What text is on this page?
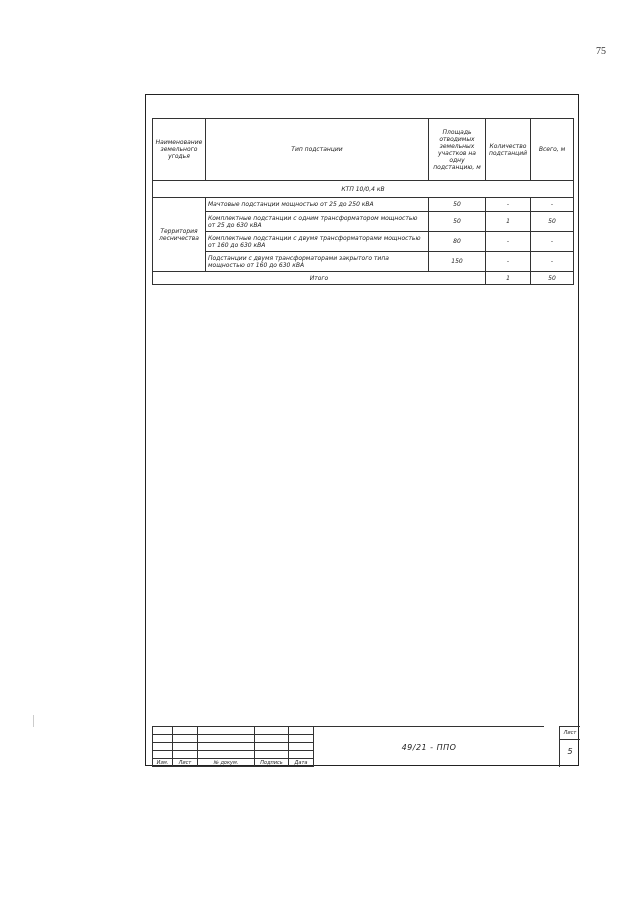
75
Наименование земельного угодья	Тип подстанции	Площадь отводимых земельных участков на одну подстанцию, м	Количество подстанций	Всего, м
КТП 10/0,4 кВ				
Территория лесничества	Мачтовые подстанции мощностью от 25 до 250 кВА	50	-	-
	Комплектные подстанции с одним трансформатором мощностью от 25 до 630 кВА	50	1	50
	Комплектные подстанции с двумя трансформаторами мощностью от 160 до 630 кВА	80	-	-
	Подстанции с двумя трансформаторами закрытого типа мощностью от 160 до 630 кВА	150	-	-
Итого			1	50

Изм.	Лист	№ докум.	Подпись	Дата
49/21 - ППО
Лист
5
